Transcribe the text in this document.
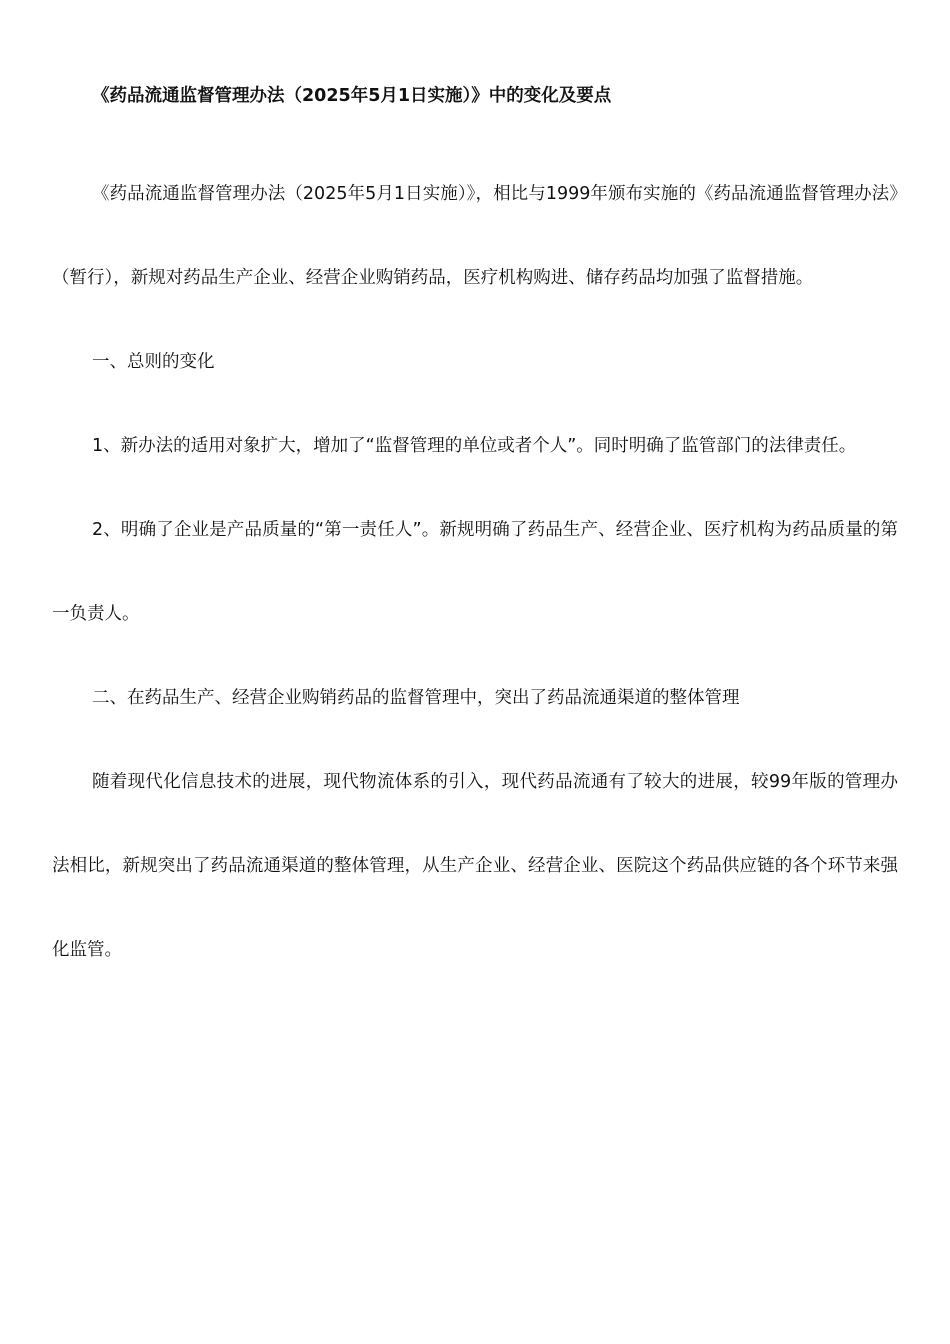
《药品流通监督管理办法（2025年5月1日实施）》中的变化及要点

《药品流通监督管理办法（2025年5月1日实施）》，相比与1999年颁布实施的《药品流通监督管理办法》（暂行），新规对药品生产企业、经营企业购销药品，医疗机构购进、储存药品均加强了监督措施。

一、总则的变化

1、新办法的适用对象扩大，增加了“监督管理的单位或者个人”。同时明确了监管部门的法律责任。

2、明确了企业是产品质量的“第一责任人”。新规明确了药品生产、经营企业、医疗机构为药品质量的第一负责人。

二、在药品生产、经营企业购销药品的监督管理中，突出了药品流通渠道的整体管理

随着现代化信息技术的进展，现代物流体系的引入，现代药品流通有了较大的进展，较99年版的管理办法相比，新规突出了药品流通渠道的整体管理，从生产企业、经营企业、医院这个药品供应链的各个环节来强化监管。
